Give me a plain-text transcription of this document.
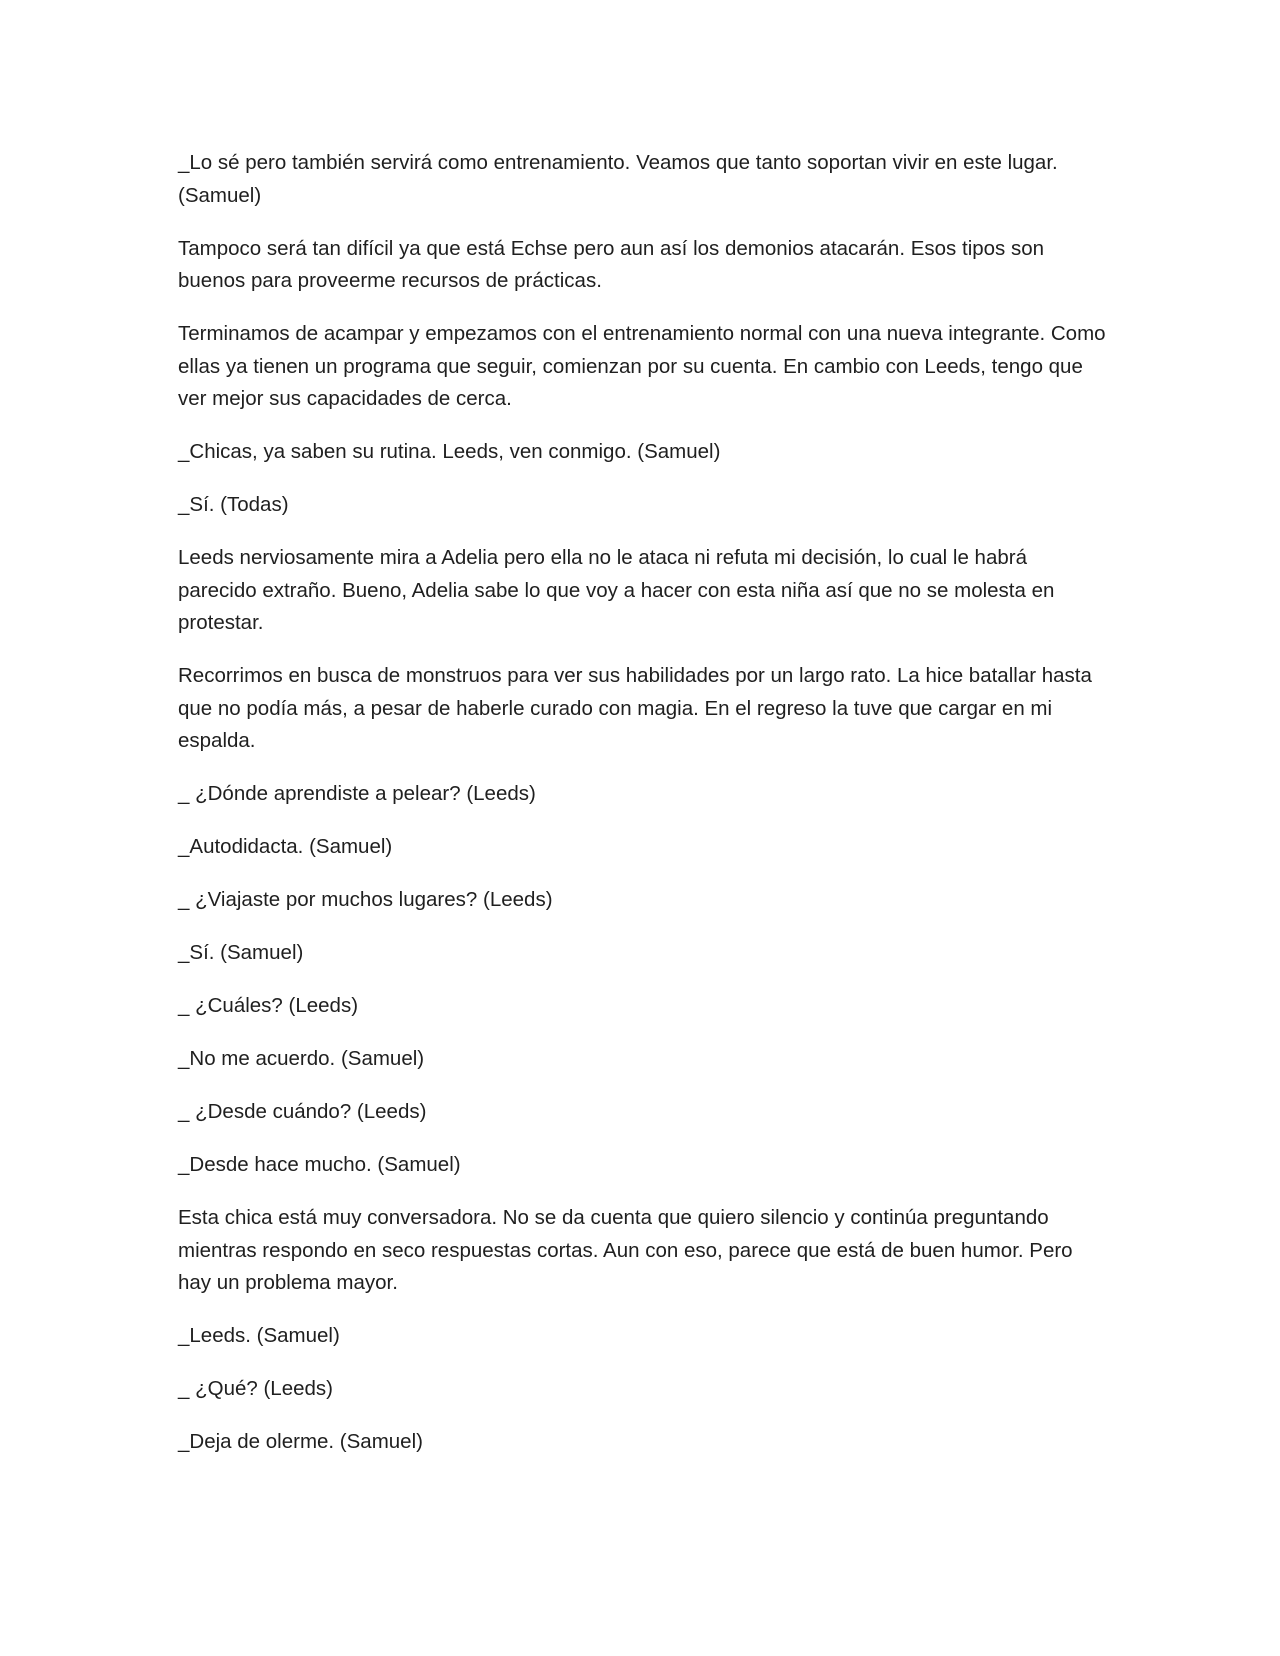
_Lo sé pero también servirá como entrenamiento. Veamos que tanto soportan vivir en este lugar. (Samuel)

Tampoco será tan difícil ya que está Echse pero aun así los demonios atacarán. Esos tipos son buenos para proveerme recursos de prácticas.

Terminamos de acampar y empezamos con el entrenamiento normal con una nueva integrante. Como ellas ya tienen un programa que seguir, comienzan por su cuenta. En cambio con Leeds, tengo que ver mejor sus capacidades de cerca.

_Chicas, ya saben su rutina. Leeds, ven conmigo. (Samuel)

_Sí. (Todas)

Leeds nerviosamente mira a Adelia pero ella no le ataca ni refuta mi decisión, lo cual le habrá parecido extraño. Bueno, Adelia sabe lo que voy a hacer con esta niña así que no se molesta en protestar.

Recorrimos en busca de monstruos para ver sus habilidades por un largo rato. La hice batallar hasta que no podía más, a pesar de haberle curado con magia. En el regreso la tuve que cargar en mi espalda.

_ ¿Dónde aprendiste a pelear? (Leeds)

_Autodidacta. (Samuel)

_ ¿Viajaste por muchos lugares? (Leeds)

_Sí. (Samuel)

_ ¿Cuáles? (Leeds)

_No me acuerdo. (Samuel)

_ ¿Desde cuándo? (Leeds)

_Desde hace mucho. (Samuel)

Esta chica está muy conversadora. No se da cuenta que quiero silencio y continúa preguntando mientras respondo en seco respuestas cortas. Aun con eso, parece que está de buen humor. Pero hay un problema mayor.

_Leeds. (Samuel)

_ ¿Qué? (Leeds)

_Deja de olerme. (Samuel)
